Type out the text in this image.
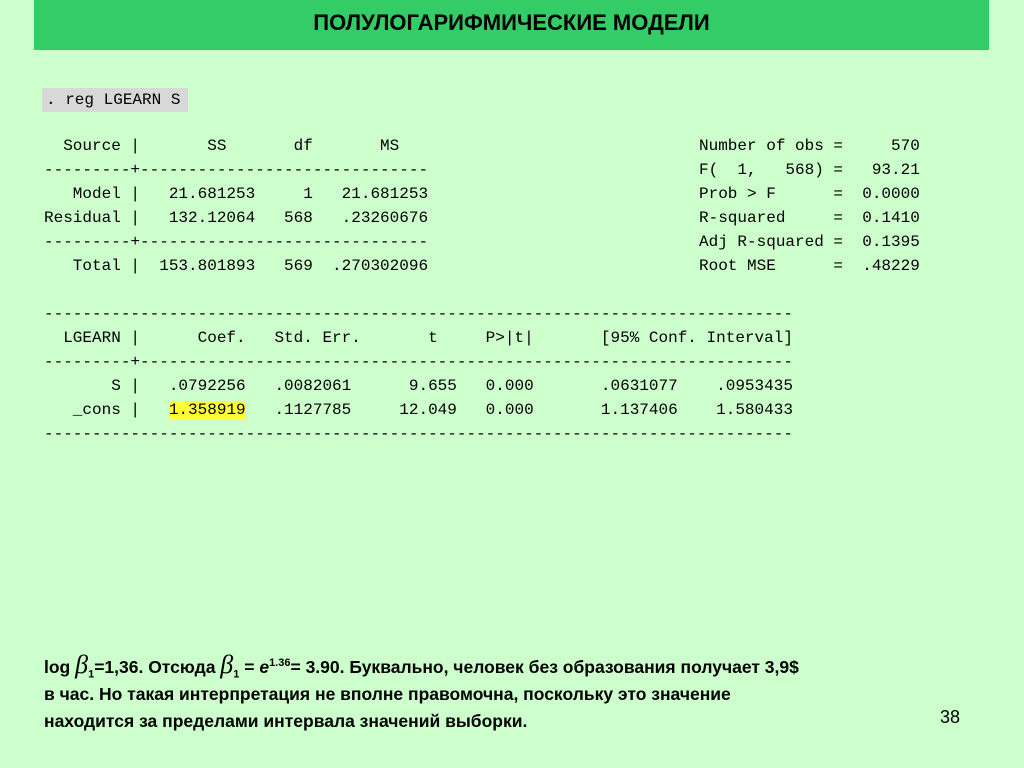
ПОЛУЛОГАРИФМИЧЕСКИЕ МОДЕЛИ
. reg LGEARN S
Source |       SS       df       MS
---------+------------------------------
Model |   21.681253     1   21.681253
Residual |   132.12064   568   .23260676
---------+------------------------------
Total |  153.801893   569  .270302096
Number of obs =     570
F(  1,   568) =   93.21
Prob > F      =  0.0000
R-squared     =  0.1410
Adj R-squared =  0.1395
Root MSE      =  .48229
------------------------------------------------------------------------------
LGEARN |      Coef.   Std. Err.       t     P>|t|       [95% Conf. Interval]
---------+--------------------------------------------------------------------
S |   .0792256   .0082061      9.655   0.000       .0631077    .0953435
_cons |   1.358919   .1127785     12.049   0.000       1.137406    1.580433
------------------------------------------------------------------------------

$\log \beta_1=1,36$. Отсюда $\beta_1 = e^{1.36}= 3.90$. Буквально, человек без образования получает 3,9$

в час. Но такая интерпретация не вполне правомочна, поскольку это значение

находится за пределами интервала значений выборки.	38
